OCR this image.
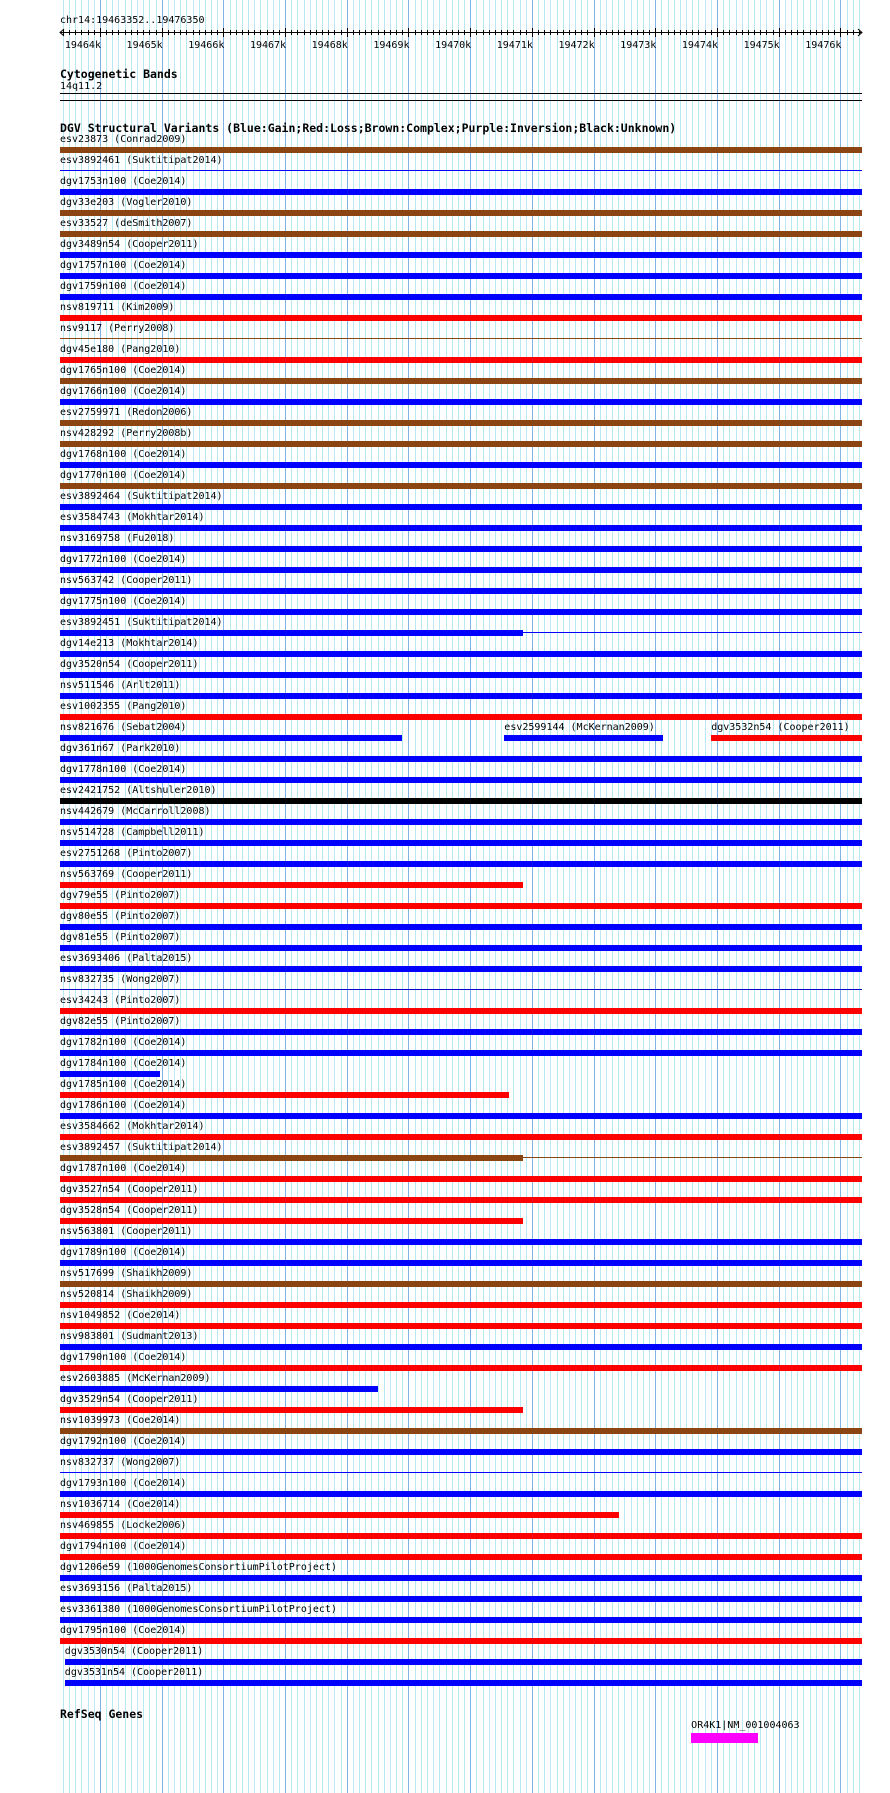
chr14:19463352..19476350
19464k	19465k	19466k	19467k	19468k	19469k	19470k	19471k	19472k	19473k	19474k	19475k	19476k
Cytogenetic Bands
14q11.2
DGV Structural Variants (Blue:Gain;Red:Loss;Brown:Complex;Purple:Inversion;Black:Unknown)
esv23873 (Conrad2009)
esv3892461 (Suktitipat2014)
dgv1753n100 (Coe2014)
dgv33e203 (Vogler2010)
esv33527 (deSmith2007)
dgv3489n54 (Cooper2011)
dgv1757n100 (Coe2014)
dgv1759n100 (Coe2014)
nsv819711 (Kim2009)
nsv9117 (Perry2008)
dgv45e180 (Pang2010)
dgv1765n100 (Coe2014)
dgv1766n100 (Coe2014)
esv2759971 (Redon2006)
nsv428292 (Perry2008b)
dgv1768n100 (Coe2014)
dgv1770n100 (Coe2014)
esv3892464 (Suktitipat2014)
esv3584743 (Mokhtar2014)
nsv3169758 (Fu2018)
dgv1772n100 (Coe2014)
nsv563742 (Cooper2011)
dgv1775n100 (Coe2014)
esv3892451 (Suktitipat2014)
dgv14e213 (Mokhtar2014)
dgv3520n54 (Cooper2011)
nsv511546 (Arlt2011)
esv1002355 (Pang2010)
nsv821676 (Sebat2004)	esv2599144 (McKernan2009)	dgv3532n54 (Cooper2011)
dgv361n67 (Park2010)
dgv1778n100 (Coe2014)
esv2421752 (Altshuler2010)
nsv442679 (McCarroll2008)
nsv514728 (Campbell2011)
esv2751268 (Pinto2007)
nsv563769 (Cooper2011)
dgv79e55 (Pinto2007)
dgv80e55 (Pinto2007)
dgv81e55 (Pinto2007)
esv3693406 (Palta2015)
nsv832735 (Wong2007)
esv34243 (Pinto2007)
dgv82e55 (Pinto2007)
dgv1782n100 (Coe2014)
dgv1784n100 (Coe2014)
dgv1785n100 (Coe2014)
dgv1786n100 (Coe2014)
esv3584662 (Mokhtar2014)
esv3892457 (Suktitipat2014)
dgv1787n100 (Coe2014)
dgv3527n54 (Cooper2011)
dgv3528n54 (Cooper2011)
nsv563801 (Cooper2011)
dgv1789n100 (Coe2014)
nsv517699 (Shaikh2009)
nsv520814 (Shaikh2009)
nsv1049852 (Coe2014)
nsv983801 (Sudmant2013)
dgv1790n100 (Coe2014)
esv2603885 (McKernan2009)
dgv3529n54 (Cooper2011)
nsv1039973 (Coe2014)
dgv1792n100 (Coe2014)
nsv832737 (Wong2007)
dgv1793n100 (Coe2014)
nsv1036714 (Coe2014)
nsv469855 (Locke2006)
dgv1794n100 (Coe2014)
dgv1206e59 (1000GenomesConsortiumPilotProject)
esv3693156 (Palta2015)
esv3361380 (1000GenomesConsortiumPilotProject)
dgv1795n100 (Coe2014)
dgv3530n54 (Cooper2011)
dgv3531n54 (Cooper2011)
RefSeq Genes
OR4K1|NM_001004063
